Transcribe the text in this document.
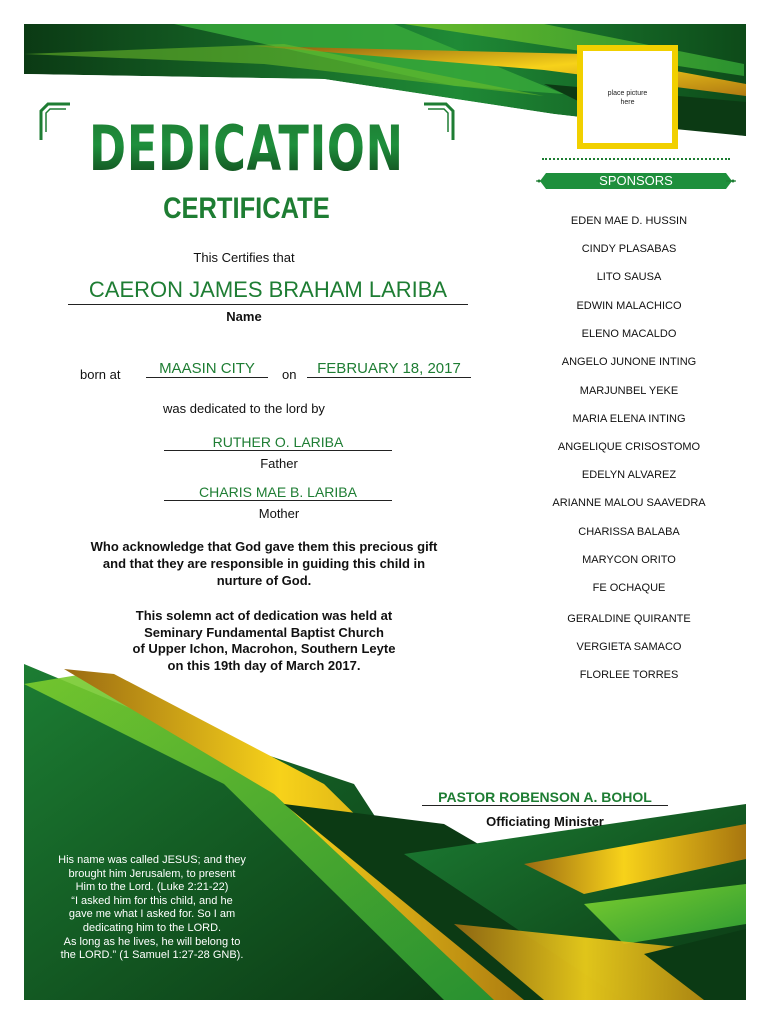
DEDICATION
CERTIFICATE
This Certifies that
CAERON JAMES BRAHAM LARIBA
Name
born at	MAASIN CITY	on	FEBRUARY 18, 2017
was dedicated to the lord by
RUTHER O. LARIBA
Father
CHARIS MAE B. LARIBA
Mother
Who acknowledge that God gave them this precious gift
and that they are responsible in guiding this child in
nurture of God.
This solemn act of dedication was held at
Seminary Fundamental Baptist Church
of Upper Ichon, Macrohon, Southern Leyte
on this 19th day of March 2017.
PASTOR ROBENSON A. BOHOL
Officiating Minister
place picture
here
SPONSORS
EDEN MAE D. HUSSIN
CINDY PLASABAS
LITO SAUSA
EDWIN MALACHICO
ELENO MACALDO
ANGELO JUNONE INTING
MARJUNBEL YEKE
MARIA ELENA INTING
ANGELIQUE CRISOSTOMO
EDELYN ALVAREZ
ARIANNE MALOU SAAVEDRA
CHARISSA BALABA
MARYCON ORITO
FE OCHAQUE
GERALDINE QUIRANTE
VERGIETA SAMACO
FLORLEE TORRES
His name was called JESUS; and they
brought him Jerusalem, to present
Him to the Lord. (Luke 2:21-22)
“I asked him for this child, and he
gave me what I asked for. So I am
dedicating him to the LORD.
As long as he lives, he will belong to
the LORD.” (1 Samuel 1:27-28 GNB).
